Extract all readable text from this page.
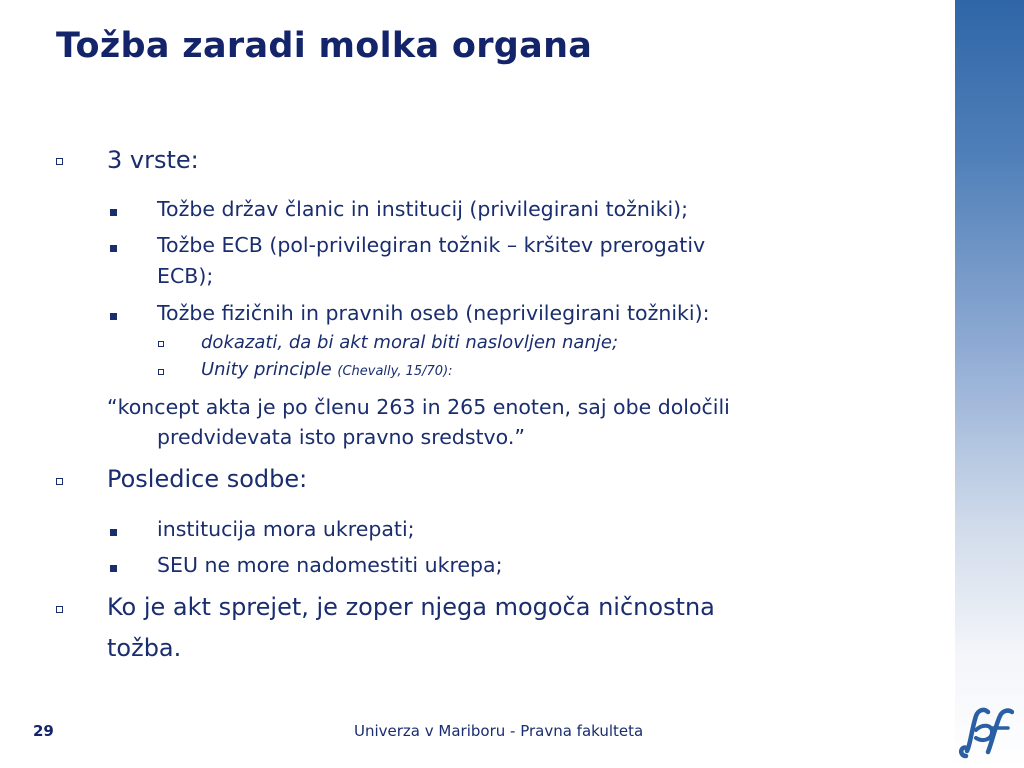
Tožba zaradi molka organa
3 vrste:
Tožbe držav članic in institucij (privilegirani tožniki);
Tožbe ECB (pol-privilegiran tožnik – kršitev prerogativ
ECB);
Tožbe fizičnih in pravnih oseb (neprivilegirani tožniki):
dokazati, da bi akt moral biti naslovljen nanje;
Unity principle (Chevally, 15/70):
“koncept akta je po členu 263 in 265 enoten, saj obe določili
predvidevata isto pravno sredstvo.”
Posledice sodbe:
institucija mora ukrepati;
SEU ne more nadomestiti ukrepa;
Ko je akt sprejet, je zoper njega mogoča ničnostna
tožba.
29	Univerza v Mariboru - Pravna fakulteta
